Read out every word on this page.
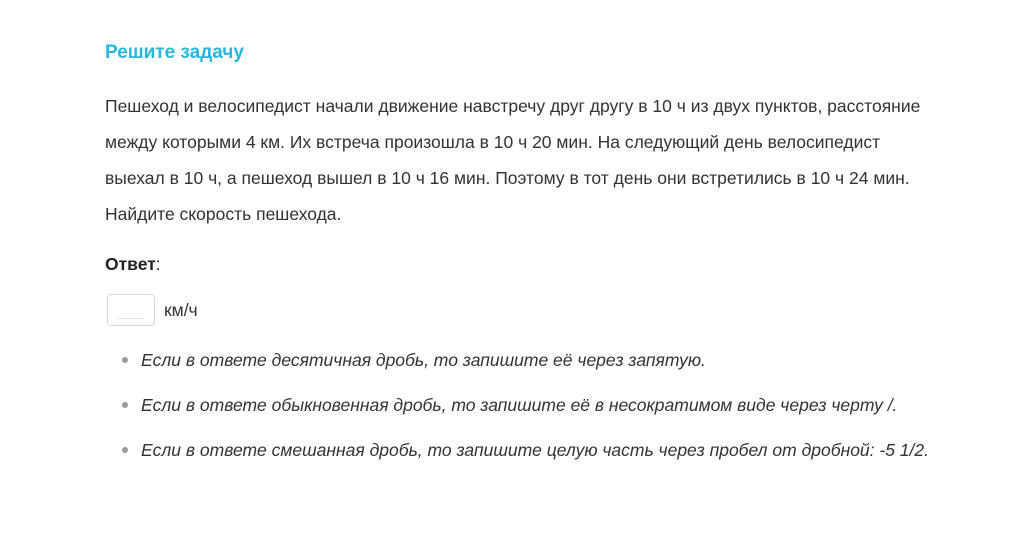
Решите задачу

Пешеход и велосипедист начали движение навстречу друг другу в 10 ч из двух пунктов, расстояние между которыми 4 км. Их встреча произошла в 10 ч 20 мин. На следующий день велосипедист выехал в 10 ч, а пешеход вышел в 10 ч 16 мин. Поэтому в тот день они встретились в 10 ч 24 мин. Найдите скорость пешехода.

Ответ:
км/ч
Если в ответе десятичная дробь, то запишите её через запятую.
Если в ответе обыкновенная дробь, то запишите её в несократимом виде через черту /.
Если в ответе смешанная дробь, то запишите целую часть через пробел от дробной: -5 1/2.
